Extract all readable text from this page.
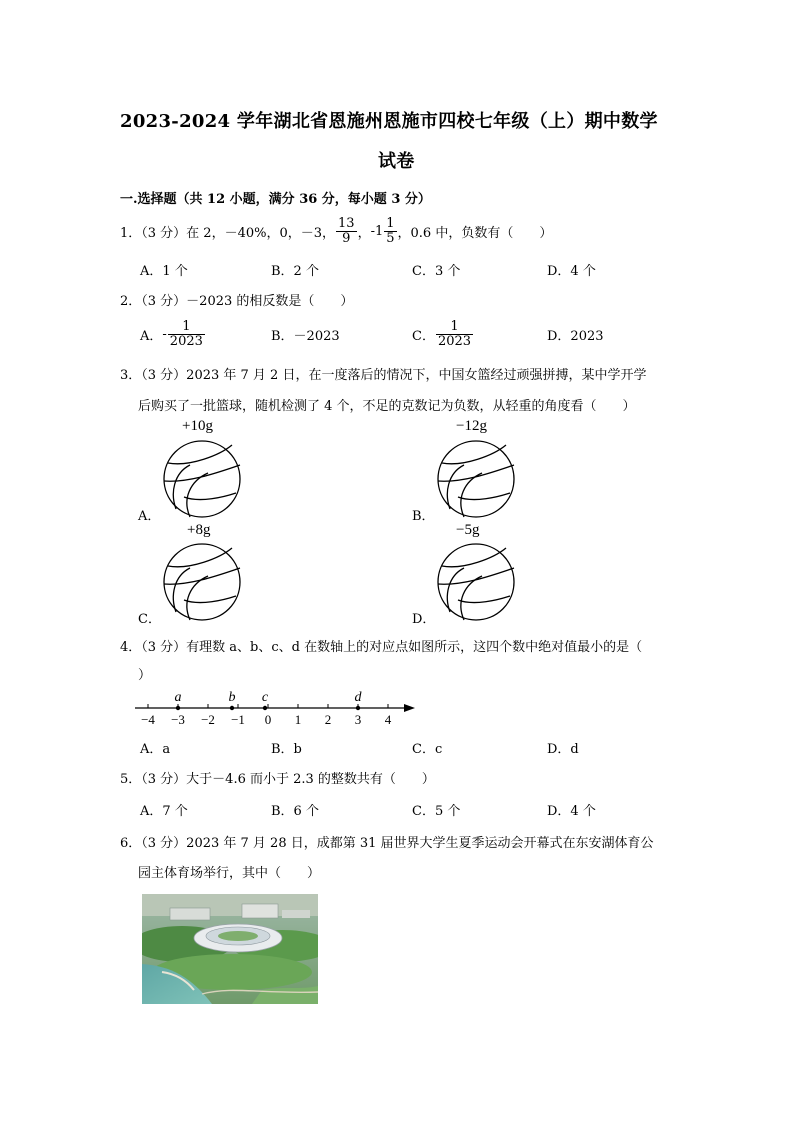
2023-2024 学年湖北省恩施州恩施市四校七年级（上）期中数学
试卷
一.选择题（共 12 小题，满分 36 分，每小题 3 分）
1．（3 分）在 2，－40%，0，－3， $\frac{13}{9}$ ， $-1 \frac{1}{5}$ ，0.6 中，负数有（　　）
A．1 个	B．2 个	C．3 个	D．4 个
2．（3 分）－2023 的相反数是（　　）
A． - $\frac{1}{2023}$	B．－2023	C． $\frac{1}{2023}$	D．2023
3．（3 分）2023 年 7 月 2 日，在一度落后的情况下，中国女篮经过顽强拼搏，某中学开学
后购买了一批篮球，随机检测了 4 个，不足的克数记为负数，从轻重的角度看（　　）
+10g	−12g
+8g	−5g
A．	B．
C．	D．
4．（3 分）有理数 a、b、c、d 在数轴上的对应点如图所示，这四个数中绝对值最小的是（
）
−4 −3 −2 −1 0 1 2 3 4
a	b c	d
A．a	B．b	C．c	D．d
5．（3 分）大于－4.6 而小于 2.3 的整数共有（　　）
A．7 个	B．6 个	C．5 个	D．4 个
6．（3 分）2023 年 7 月 28 日，成都第 31 届世界大学生夏季运动会开幕式在东安湖体育公
园主体育场举行，其中（　　）
